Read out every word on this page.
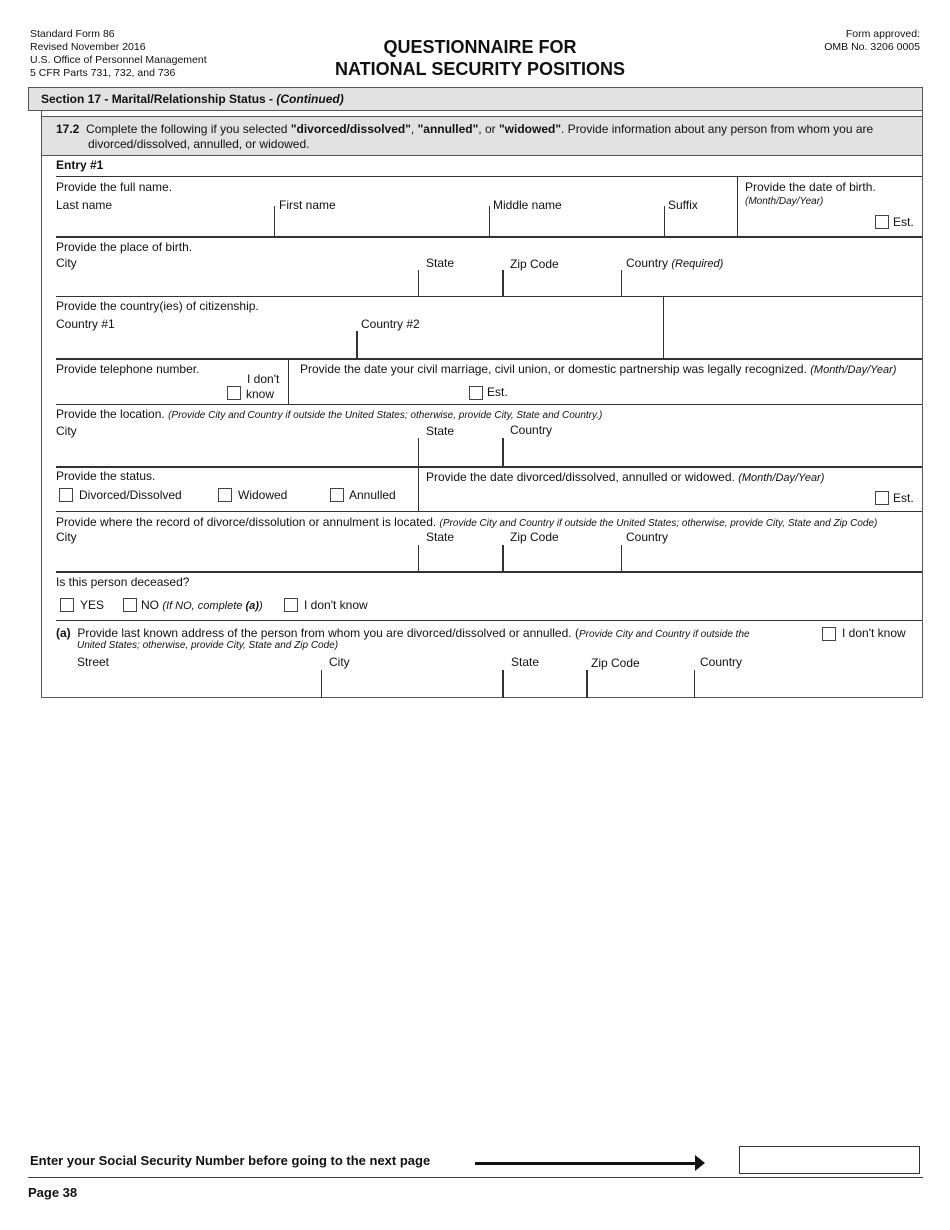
Standard Form 86
Revised November 2016
U.S. Office of Personnel Management
5 CFR Parts 731, 732, and 736
QUESTIONNAIRE FOR
NATIONAL SECURITY POSITIONS
Form approved:
OMB No. 3206 0005
Section 17 - Marital/Relationship Status - (Continued)
17.2 Complete the following if you selected "divorced/dissolved", "annulled", or "widowed". Provide information about any person from whom you are
divorced/dissolved, annulled, or widowed.
Entry #1
Provide the full name.
Last name	First name	Middle name	Suffix
Provide the date of birth.
(Month/Day/Year)
Est.
Provide the place of birth.
City	State	Zip Code	Country (Required)
Provide the country(ies) of citizenship.
Country #1	Country #2
Provide telephone number.
I don't
know
Provide the date your civil marriage, civil union, or domestic partnership was legally recognized. (Month/Day/Year)
Est.
Provide the location. (Provide City and Country if outside the United States; otherwise, provide City, State and Country.)
City	State	Country
Provide the status.
Divorced/Dissolved	Widowed	Annulled
Provide the date divorced/dissolved, annulled or widowed. (Month/Day/Year)
Est.
Provide where the record of divorce/dissolution or annulment is located. (Provide City and Country if outside the United States; otherwise, provide City, State and Zip Code)
City	State	Zip Code	Country
Is this person deceased?
YES	NO (If NO, complete (a))	I don't know
(a) Provide last known address of the person from whom you are divorced/dissolved or annulled. (Provide City and Country if outside the
United States; otherwise, provide City, State and Zip Code)
I don't know
Street	City	State	Zip Code	Country
Enter your Social Security Number before going to the next page
Page 38
